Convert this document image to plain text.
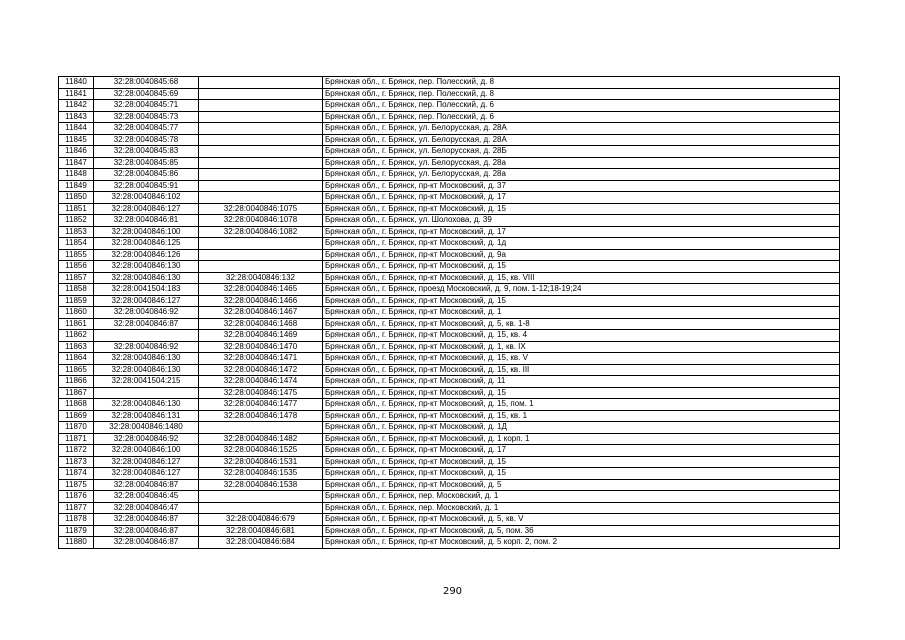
11840	32:28:0040845:68		Брянская обл., г. Брянск, пер. Полесский, д. 8
11841	32:28:0040845:69		Брянская обл., г. Брянск, пер. Полесский, д. 8
11842	32:28:0040845:71		Брянская обл., г. Брянск, пер. Полесский, д. 6
11843	32:28:0040845:73		Брянская обл., г. Брянск, пер. Полесский, д. 6
11844	32:28:0040845:77		Брянская обл., г. Брянск, ул. Белорусская, д. 28А
11845	32:28:0040845:78		Брянская обл., г. Брянск, ул. Белорусская, д. 28А
11846	32:28:0040845:83		Брянская обл., г. Брянск, ул. Белорусская, д. 28Б
11847	32:28:0040845:85		Брянская обл., г. Брянск, ул. Белорусская, д. 28а
11848	32:28:0040845:86		Брянская обл., г. Брянск, ул. Белорусская, д. 28а
11849	32:28:0040845:91		Брянская обл., г. Брянск, пр-кт Московский, д. 37
11850	32:28:0040846:102		Брянская обл., г. Брянск, пр-кт Московский, д. 17
11851	32:28:0040846:127	32:28:0040846:1075	Брянская обл., г. Брянск, пр-кт Московский, д. 15
11852	32:28:0040846:81	32:28:0040846:1078	Брянская обл., г. Брянск, ул. Шолохова, д. 39
11853	32:28:0040846:100	32:28:0040846:1082	Брянская обл., г. Брянск, пр-кт Московский, д. 17
11854	32:28:0040846:125		Брянская обл., г. Брянск, пр-кт Московский, д. 1д
11855	32:28:0040846:126		Брянская обл., г. Брянск, пр-кт Московский, д. 9а
11856	32:28:0040846:130		Брянская обл., г. Брянск, пр-кт Московский, д. 15
11857	32:28:0040846:130	32:28:0040846:132	Брянская обл., г. Брянск, пр-кт Московский, д. 15, кв. VIII
11858	32:28:0041504:183	32:28:0040846:1465	Брянская обл., г. Брянск, проезд Московский, д. 9, пом. 1-12;18-19;24
11859	32:28:0040846:127	32:28:0040846:1466	Брянская обл., г. Брянск, пр-кт Московский, д. 15
11860	32:28:0040846:92	32:28:0040846:1467	Брянская обл., г. Брянск, пр-кт Московский, д. 1
11861	32:28:0040846:87	32:28:0040846:1468	Брянская обл., г. Брянск, пр-кт Московский, д. 5, кв. 1-8
11862		32:28:0040846:1469	Брянская обл., г. Брянск, пр-кт Московский, д. 15, кв. 4
11863	32:28:0040846:92	32:28:0040846:1470	Брянская обл., г. Брянск, пр-кт Московский, д. 1, кв. IX
11864	32:28:0040846:130	32:28:0040846:1471	Брянская обл., г. Брянск, пр-кт Московский, д. 15, кв. V
11865	32:28:0040846:130	32:28:0040846:1472	Брянская обл., г. Брянск, пр-кт Московский, д. 15, кв. III
11866	32:28:0041504:215	32:28:0040846:1474	Брянская обл., г. Брянск, пр-кт Московский, д. 11
11867		32:28:0040846:1475	Брянская обл., г. Брянск, пр-кт Московский, д. 15
11868	32:28:0040846:130	32:28:0040846:1477	Брянская обл., г. Брянск, пр-кт Московский, д. 15, пом. 1
11869	32:28:0040846:131	32:28:0040846:1478	Брянская обл., г. Брянск, пр-кт Московский, д. 15, кв. 1
11870	32:28:0040846:1480		Брянская обл., г. Брянск, пр-кт Московский, д. 1Д
11871	32:28:0040846:92	32:28:0040846:1482	Брянская обл., г. Брянск, пр-кт Московский, д. 1 корп. 1
11872	32:28:0040846:100	32:28:0040846:1525	Брянская обл., г. Брянск, пр-кт Московский, д. 17
11873	32:28:0040846:127	32:28:0040846:1531	Брянская обл., г. Брянск, пр-кт Московский, д. 15
11874	32:28:0040846:127	32:28:0040846:1535	Брянская обл., г. Брянск, пр-кт Московский, д. 15
11875	32:28:0040846:87	32:28:0040846:1538	Брянская обл., г. Брянск, пр-кт Московский, д. 5
11876	32:28:0040846:45		Брянская обл., г. Брянск, пер. Московский, д. 1
11877	32:28:0040846:47		Брянская обл., г. Брянск, пер. Московский, д. 1
11878	32:28:0040846:87	32:28:0040846:679	Брянская обл., г. Брянск, пр-кт Московский, д. 5, кв. V
11879	32:28:0040846:87	32:28:0040846:681	Брянская обл., г. Брянск, пр-кт Московский, д. 5, пом. 36
11880	32:28:0040846:87	32:28:0040846:684	Брянская обл., г. Брянск, пр-кт Московский, д. 5 корп. 2, пом. 2
290
